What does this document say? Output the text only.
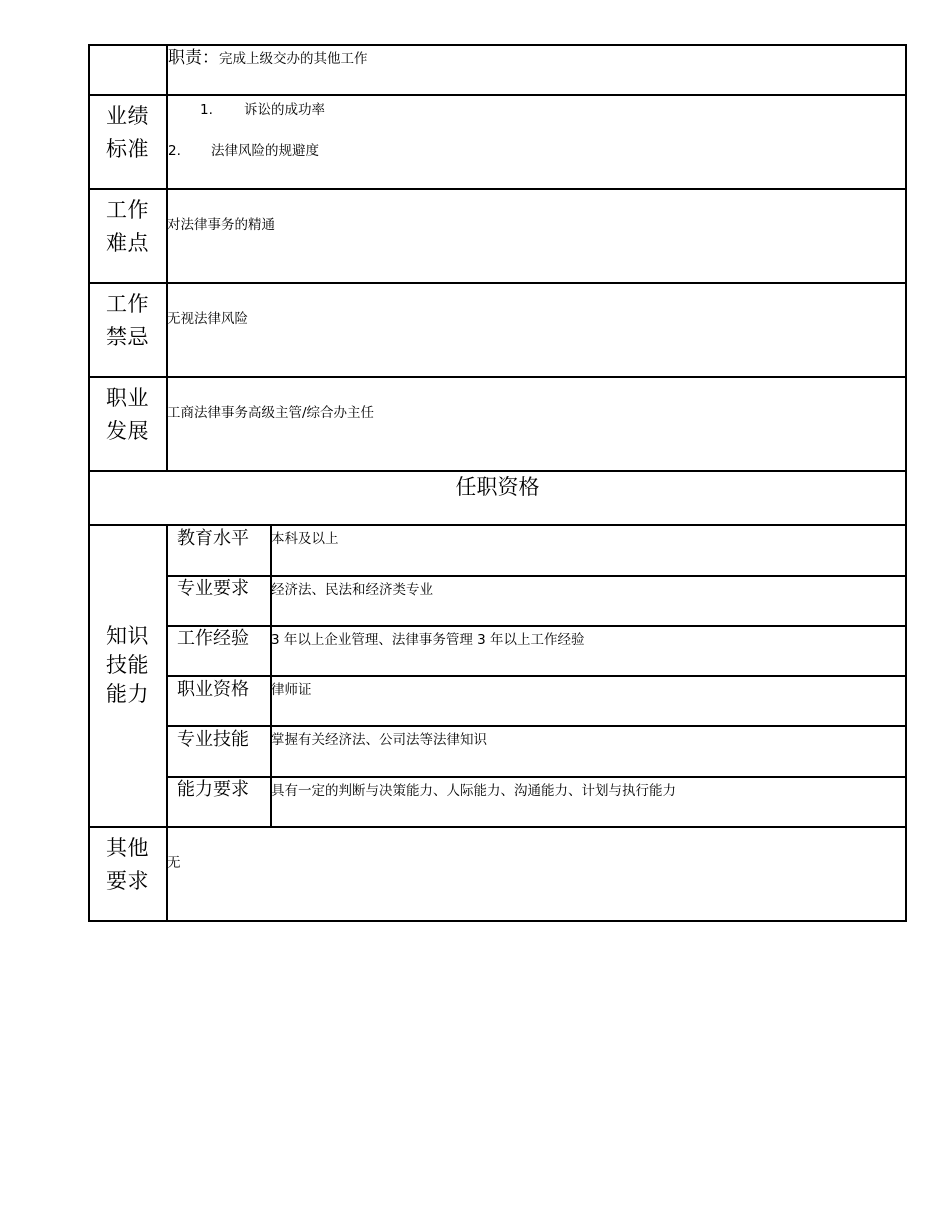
职责：完成上级交办的其他工作
业绩
标准
1. 诉讼的成功率
2. 法律风险的规避度
工作
难点
对法律事务的精通
工作
禁忌
无视法律风险
职业
发展
工商法律事务高级主管/综合办主任
任职资格
知识
技能
能力
教育水平 本科及以上
专业要求 经济法、民法和经济类专业
工作经验 3 年以上企业管理、法律事务管理 3 年以上工作经验
职业资格 律师证
专业技能 掌握有关经济法、公司法等法律知识
能力要求 具有一定的判断与决策能力、人际能力、沟通能力、计划与执行能力
其他
要求
无
